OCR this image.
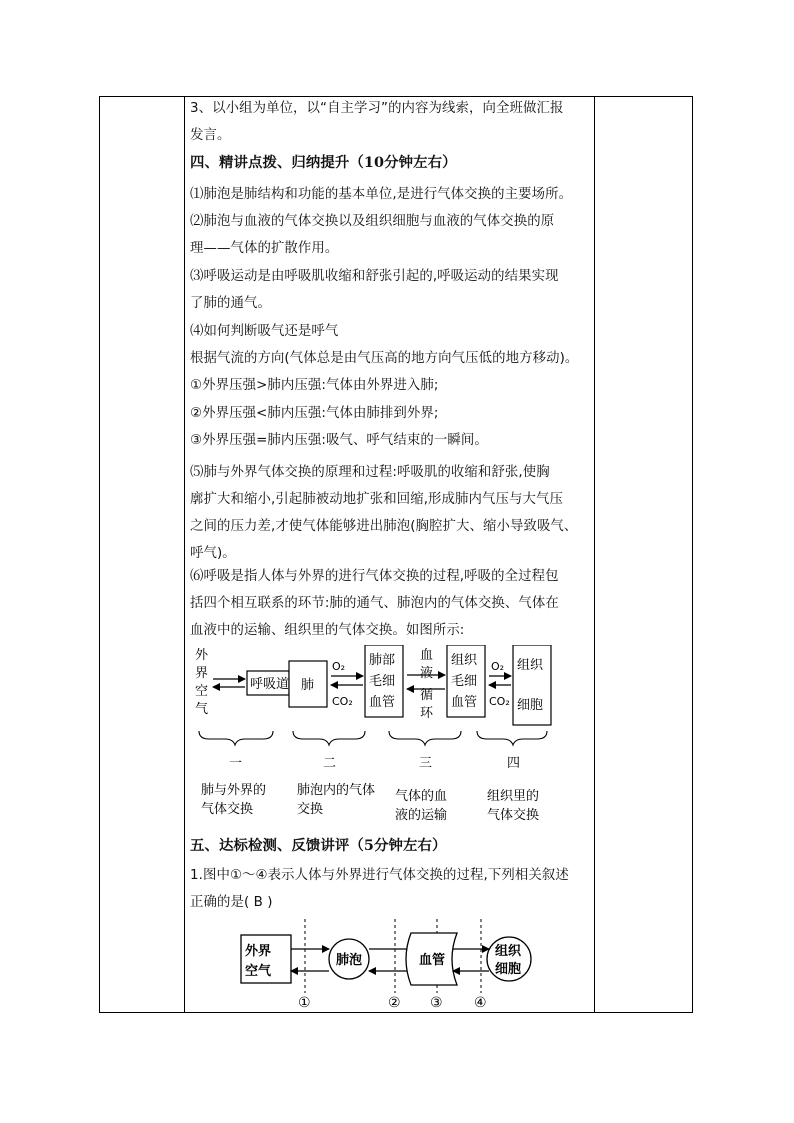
3、以小组为单位，以“自主学习”的内容为线索，向全班做汇报
发言。
四、精讲点拨、归纳提升（10分钟左右）
⑴肺泡是肺结构和功能的基本单位,是进行气体交换的主要场所。
⑵肺泡与血液的气体交换以及组织细胞与血液的气体交换的原
理——气体的扩散作用。
⑶呼吸运动是由呼吸肌收缩和舒张引起的,呼吸运动的结果实现
了肺的通气。
⑷如何判断吸气还是呼气
根据气流的方向(气体总是由气压高的地方向气压低的地方移动)。
①外界压强>肺内压强:气体由外界进入肺;
②外界压强<肺内压强:气体由肺排到外界;
③外界压强=肺内压强:吸气、呼气结束的一瞬间。
⑸肺与外界气体交换的原理和过程:呼吸肌的收缩和舒张,使胸
廓扩大和缩小,引起肺被动地扩张和回缩,形成肺内气压与大气压
之间的压力差,才使气体能够进出肺泡(胸腔扩大、缩小导致吸气、
呼气)。
⑹呼吸是指人体与外界的进行气体交换的过程,呼吸的全过程包
括四个相互联系的环节:肺的通气、肺泡内的气体交换、气体在
血液中的运输、组织里的气体交换。如图所示:
外
界
空
气
呼吸道 肺
O₂
CO₂
肺部
毛细
血管
血
液
循
环
组织
毛细
血管
O₂
CO₂
组织
细胞
一	二	三	四
肺与外界的
气体交换
肺泡内的气体
交换
气体的血
液的运输
组织里的
气体交换
五、达标检测、反馈讲评（5分钟左右）
1.图中①～④表示人体与外界进行气体交换的过程,下列相关叙述
正确的是( B )
外界
空气
肺泡	血管
组织
细胞
①	② ③ ④
